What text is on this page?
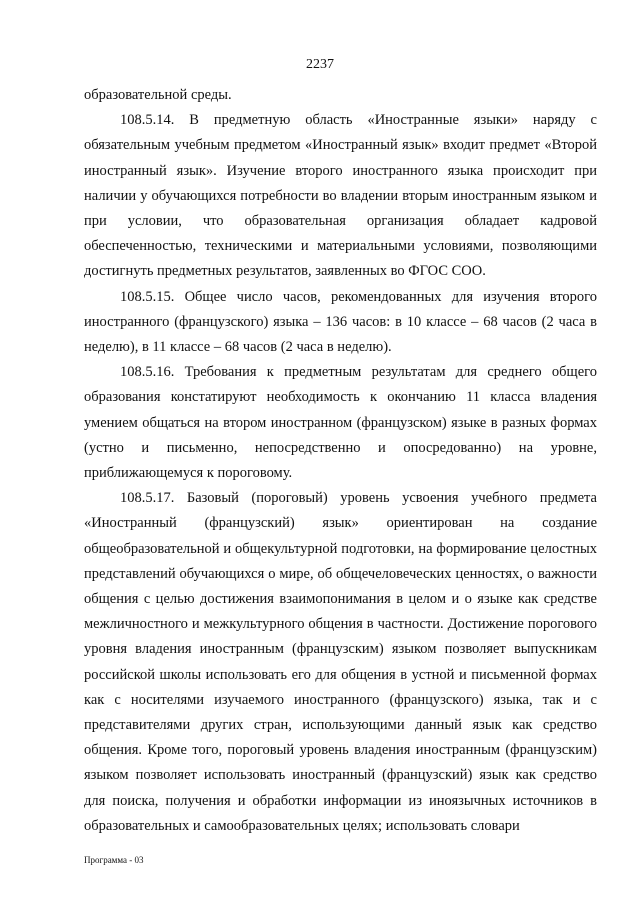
2237

образовательной среды.

108.5.14. В предметную область «Иностранные языки» наряду с обязательным учебным предметом «Иностранный язык» входит предмет «Второй иностранный язык». Изучение второго иностранного языка происходит при наличии у обучающихся потребности во владении вторым иностранным языком и при условии, что образовательная организация обладает кадровой обеспеченностью, техническими и материальными условиями, позволяющими достигнуть предметных результатов, заявленных во ФГОС СОО.

108.5.15. Общее число часов, рекомендованных для изучения второго иностранного (французского) языка – 136 часов: в 10 классе – 68 часов (2 часа в неделю), в 11 классе – 68 часов (2 часа в неделю).

108.5.16. Требования к предметным результатам для среднего общего образования констатируют необходимость к окончанию 11 класса владения умением общаться на втором иностранном (французском) языке в разных формах (устно и письменно, непосредственно и опосредованно) на уровне, приближающемуся к пороговому.

108.5.17. Базовый (пороговый) уровень усвоения учебного предмета «Иностранный (французский) язык» ориентирован на создание общеобразовательной и общекультурной подготовки, на формирование целостных представлений обучающихся о мире, об общечеловеческих ценностях, о важности общения с целью достижения взаимопонимания в целом и о языке как средстве межличностного и межкультурного общения в частности. Достижение порогового уровня владения иностранным (французским) языком позволяет выпускникам российской школы использовать его для общения в устной и письменной формах как с носителями изучаемого иностранного (французского) языка, так и с представителями других стран, использующими данный язык как средство общения. Кроме того, пороговый уровень владения иностранным (французским) языком позволяет использовать иностранный (французский) язык как средство для поиска, получения и обработки информации из иноязычных источников в образовательных и самообразовательных целях; использовать словари

Программа - 03
